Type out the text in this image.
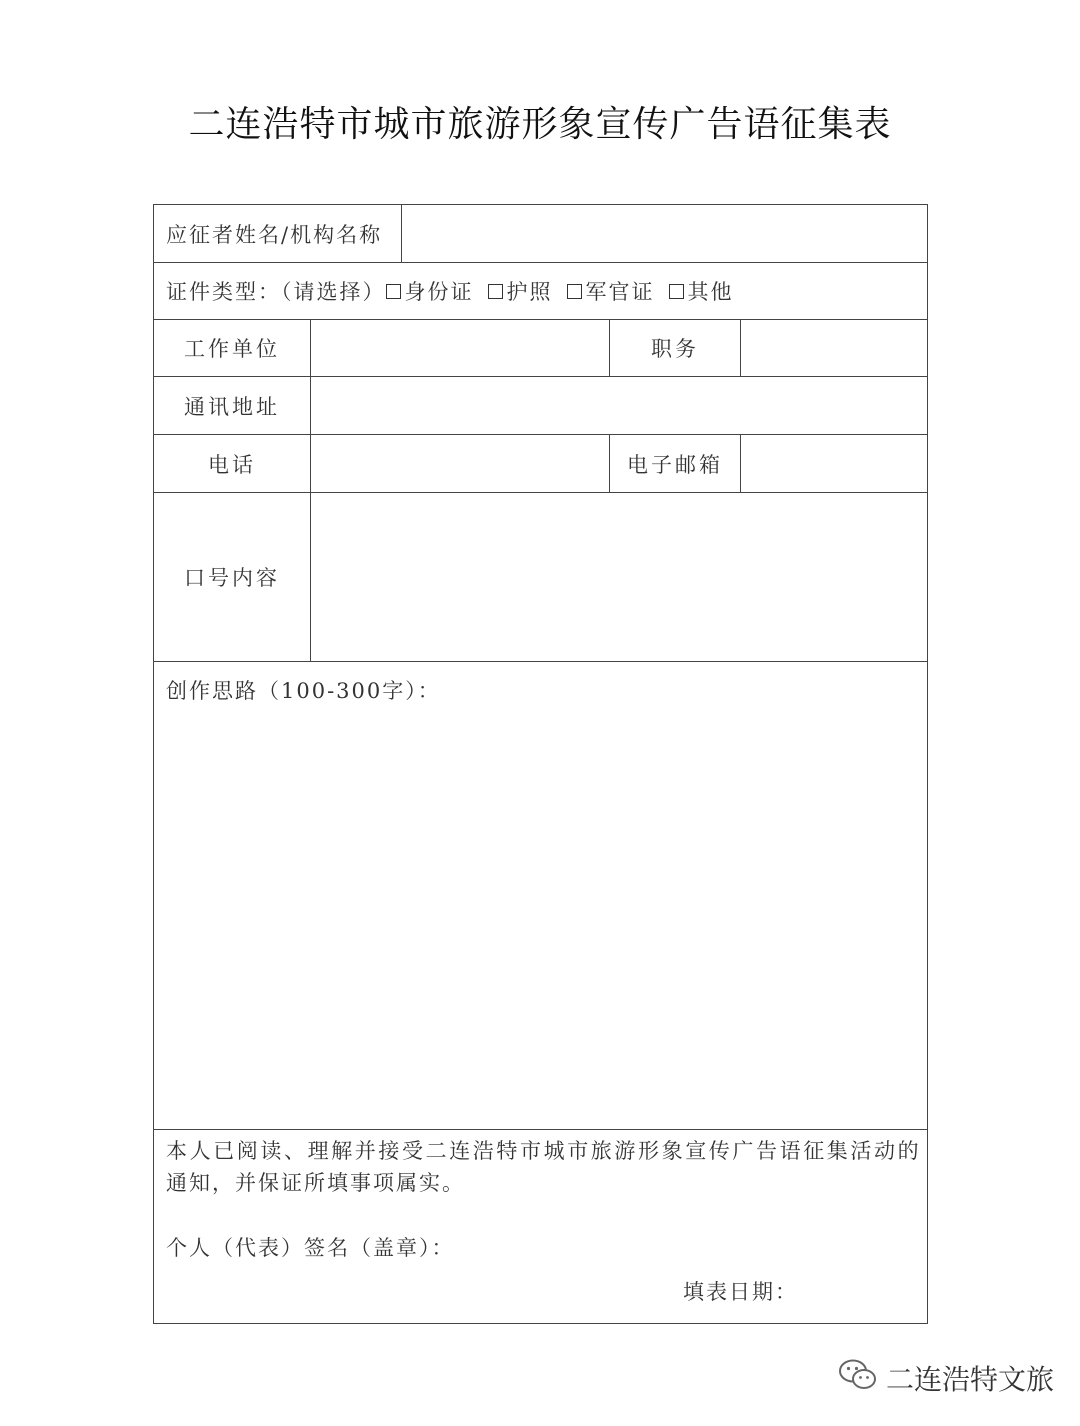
二连浩特市城市旅游形象宣传广告语征集表
应征者姓名/机构名称
证件类型：（请选择） 身份证 护照 军官证 其他
工作单位	职务
通讯地址
电话	电子邮箱
口号内容
创作思路（100-300字）：
本人已阅读、理解并接受二连浩特市城市旅游形象宣传广告语征集活动的
通知，并保证所填事项属实。
个人（代表）签名（盖章）：
填表日期：
二连浩特文旅
